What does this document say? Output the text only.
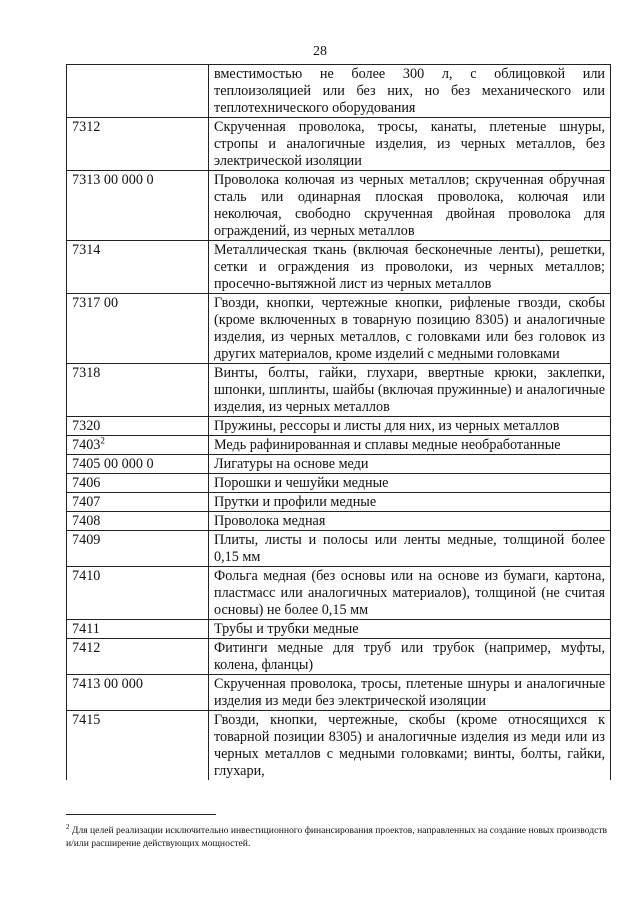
28
	вместимостью не более 300 л, с облицовкой или теплоизоляцией или без них, но без механического или теплотехнического оборудования
7312	Скрученная проволока, тросы, канаты, плетеные шнуры, стропы и аналогичные изделия, из черных металлов, без электрической изоляции
7313 00 000 0	Проволока колючая из черных металлов; скрученная обручная сталь или одинарная плоская проволока, колючая или неколючая, свободно скрученная двойная проволока для ограждений, из черных металлов
7314	Металлическая ткань (включая бесконечные ленты), решетки, сетки и ограждения из проволоки, из черных металлов; просечно-вытяжной лист из черных металлов
7317 00	Гвозди, кнопки, чертежные кнопки, рифленые гвозди, скобы (кроме включенных в товарную позицию 8305) и аналогичные изделия, из черных металлов, с головками или без головок из других материалов, кроме изделий с медными головками
7318	Винты, болты, гайки, глухари, ввертные крюки, заклепки, шпонки, шплинты, шайбы (включая пружинные) и аналогичные изделия, из черных металлов
7320	Пружины, рессоры и листы для них, из черных металлов
7403$^2$	Медь рафинированная и сплавы медные необработанные
7405 00 000 0	Лигатуры на основе меди
7406	Порошки и чешуйки медные
7407	Прутки и профили медные
7408	Проволока медная
7409	Плиты, листы и полосы или ленты медные, толщиной более 0,15 мм
7410	Фольга медная (без основы или на основе из бумаги, картона, пластмасс или аналогичных материалов), толщиной (не считая основы) не более 0,15 мм
7411	Трубы и трубки медные
7412	Фитинги медные для труб или трубок (например, муфты, колена, фланцы)
7413 00 000	Скрученная проволока, тросы, плетеные шнуры и аналогичные изделия из меди без электрической изоляции
7415	Гвозди, кнопки, чертежные, скобы (кроме относящихся к товарной позиции 8305) и аналогичные изделия из меди или из черных металлов с медными головками; винты, болты, гайки, глухари,
$^2$ Для целей реализации исключительно инвестиционного финансирования проектов, направленных на создание новых производств и/или расширение действующих мощностей.
